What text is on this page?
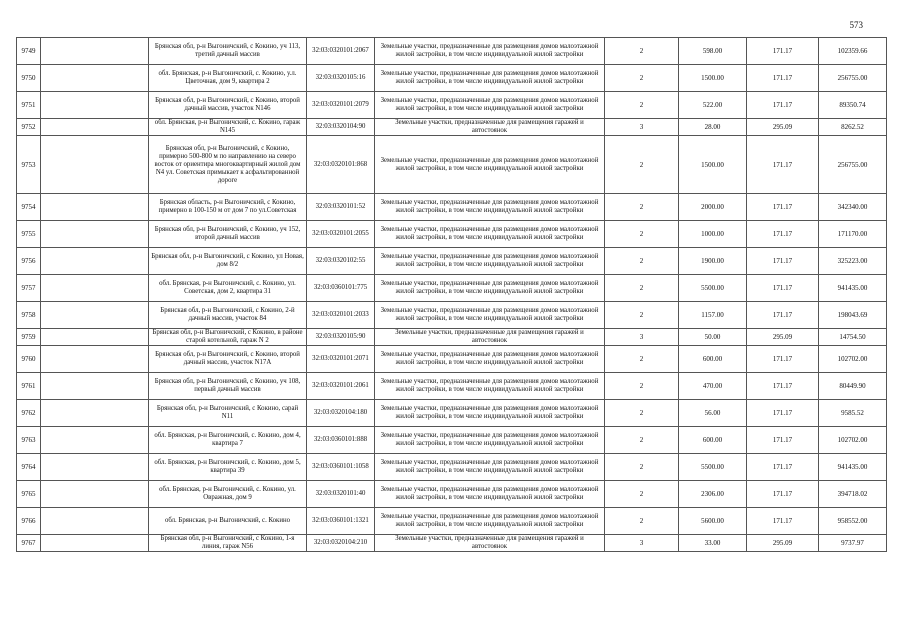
573
9749		Брянская обл, р-н Выгоничский, с Кокино, уч 113, третий дачный массив	32:03:0320101:2067	Земельные участки, предназначенные для размещения домов малоэтажной жилой застройки, в том числе индивидуальной жилой застройки	2	598.00	171.17	102359.66
9750		обл. Брянская, р-н Выгоничский, с. Кокино, у.л. Цветочная, дом 9, квартира 2	32:03:0320105:16	Земельные участки, предназначенные для размещения домов малоэтажной жилой застройки, в том числе индивидуальной жилой застройки	2	1500.00	171.17	256755.00
9751		Брянская обл, р-н Выгоничский, с Кокино, второй дачный массив, участок N146	32:03:0320101:2079	Земельные участки, предназначенные для размещения домов малоэтажной жилой застройки, в том числе индивидуальной жилой застройки	2	522.00	171.17	89350.74
9752		обл. Брянская, р-н Выгоничский, с. Кокино, гараж N145	32:03:0320104:90	Земельные участки, предназначенные для размещения гаражей и автостоянок	3	28.00	295.09	8262.52
9753		Брянская обл, р-н Выгоничский, с Кокино, примерно 500-800 м по направлению на северо восток от ориентира многоквартирный жилой дом N4 ул. Советская примыкает к асфальтированной дороге	32:03:0320101:868	Земельные участки, предназначенные для размещения домов малоэтажной жилой застройки, в том числе индивидуальной жилой застройки	2	1500.00	171.17	256755.00
9754		Брянская область, р-н Выгоничский, с Кокино, примерно в 100-150 м от дом 7 по ул.Советская	32:03:0320101:52	Земельные участки, предназначенные для размещения домов малоэтажной жилой застройки, в том числе индивидуальной жилой застройки	2	2000.00	171.17	342340.00
9755		Брянская обл, р-н Выгоничский, с Кокино, уч 152, второй дачный массив	32:03:0320101:2055	Земельные участки, предназначенные для размещения домов малоэтажной жилой застройки, в том числе индивидуальной жилой застройки	2	1000.00	171.17	171170.00
9756		Брянская обл, р-н Выгоничский, с Кокино, ул Новая, дом 8/2	32:03:0320102:55	Земельные участки, предназначенные для размещения домов малоэтажной жилой застройки, в том числе индивидуальной жилой застройки	2	1900.00	171.17	325223.00
9757		обл. Брянская, р-н Выгоничский, с. Кокино, ул. Советская, дом 2, квартира 31	32:03:0360101:775	Земельные участки, предназначенные для размещения домов малоэтажной жилой застройки, в том числе индивидуальной жилой застройки	2	5500.00	171.17	941435.00
9758		Брянская обл, р-н Выгоничский, с Кокино, 2-й дачный массив, участок 84	32:03:0320101:2033	Земельные участки, предназначенные для размещения домов малоэтажной жилой застройки, в том числе индивидуальной жилой застройки	2	1157.00	171.17	198043.69
9759		Брянская обл, р-н Выгоничский, с Кокино, в районе старой котельной, гараж N 2	32:03:0320105:90	Земельные участки, предназначенные для размещения гаражей и автостоянок	3	50.00	295.09	14754.50
9760		Брянская обл, р-н Выгоничский, с Кокино, второй дачный массив, участок N17А	32:03:0320101:2071	Земельные участки, предназначенные для размещения домов малоэтажной жилой застройки, в том числе индивидуальной жилой застройки	2	600.00	171.17	102702.00
9761		Брянская обл, р-н Выгоничский, с Кокино, уч 108, первый дачный массив	32:03:0320101:2061	Земельные участки, предназначенные для размещения домов малоэтажной жилой застройки, в том числе индивидуальной жилой застройки	2	470.00	171.17	80449.90
9762		Брянская обл, р-н Выгоничский, с Кокино, сарай N11	32:03:0320104:180	Земельные участки, предназначенные для размещения домов малоэтажной жилой застройки, в том числе индивидуальной жилой застройки	2	56.00	171.17	9585.52
9763		обл. Брянская, р-н Выгоничский, с. Кокино, дом 4, квартира 7	32:03:0360101:888	Земельные участки, предназначенные для размещения домов малоэтажной жилой застройки, в том числе индивидуальной жилой застройки	2	600.00	171.17	102702.00
9764		обл. Брянская, р-н Выгоничский, с. Кокино, дом 5, квартира 39	32:03:0360101:1058	Земельные участки, предназначенные для размещения домов малоэтажной жилой застройки, в том числе индивидуальной жилой застройки	2	5500.00	171.17	941435.00
9765		обл. Брянская, р-н Выгоничский, с. Кокино, ул. Овражная, дом 9	32:03:0320101:40	Земельные участки, предназначенные для размещения домов малоэтажной жилой застройки, в том числе индивидуальной жилой застройки	2	2306.00	171.17	394718.02
9766		обл. Брянская, р-н Выгоничский, с. Кокино	32:03:0360101:1321	Земельные участки, предназначенные для размещения домов малоэтажной жилой застройки, в том числе индивидуальной жилой застройки	2	5600.00	171.17	958552.00
9767		Брянская обл, р-н Выгоничский, с Кокино, 1-я линия, гараж N56	32:03:0320104:210	Земельные участки, предназначенные для размещения гаражей и автостоянок	3	33.00	295.09	9737.97
